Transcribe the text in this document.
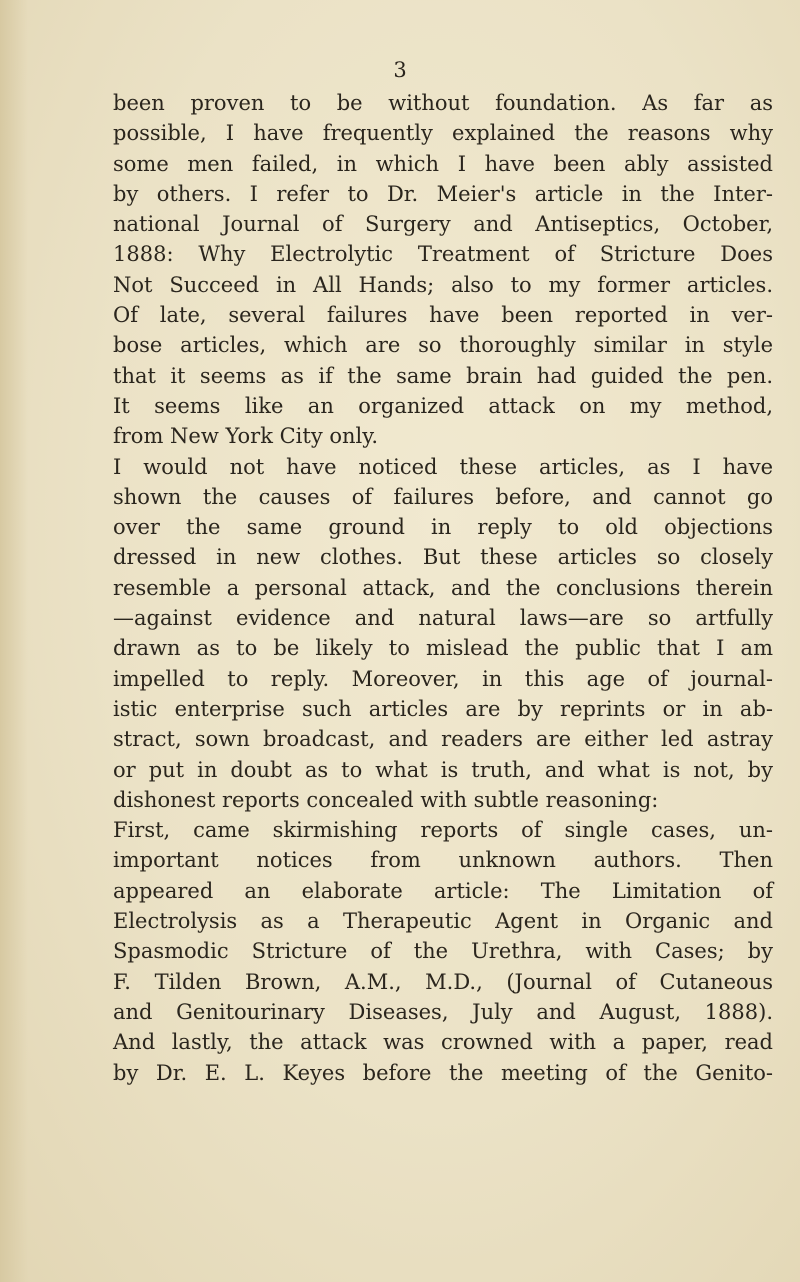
3
been proven to be without foundation. As far as
possible, I have frequently explained the reasons why
some men failed, in which I have been ably assisted
by others. I refer to Dr. Meier's article in the Inter-
national Journal of Surgery and Antiseptics, October,
1888: Why Electrolytic Treatment of Stricture Does
Not Succeed in All Hands; also to my former articles.
Of late, several failures have been reported in ver-
bose articles, which are so thoroughly similar in style
that it seems as if the same brain had guided the pen.
It seems like an organized attack on my method,
from New York City only.
I would not have noticed these articles, as I have
shown the causes of failures before, and cannot go
over the same ground in reply to old objections
dressed in new clothes. But these articles so closely
resemble a personal attack, and the conclusions therein
—against evidence and natural laws—are so artfully
drawn as to be likely to mislead the public that I am
impelled to reply. Moreover, in this age of journal-
istic enterprise such articles are by reprints or in ab-
stract, sown broadcast, and readers are either led astray
or put in doubt as to what is truth, and what is not, by
dishonest reports concealed with subtle reasoning:
First, came skirmishing reports of single cases, un-
important notices from unknown authors. Then
appeared an elaborate article: The Limitation of
Electrolysis as a Therapeutic Agent in Organic and
Spasmodic Stricture of the Urethra, with Cases; by
F. Tilden Brown, A.M., M.D., (Journal of Cutaneous
and Genitourinary Diseases, July and August, 1888).
And lastly, the attack was crowned with a paper, read
by Dr. E. L. Keyes before the meeting of the Genito-
